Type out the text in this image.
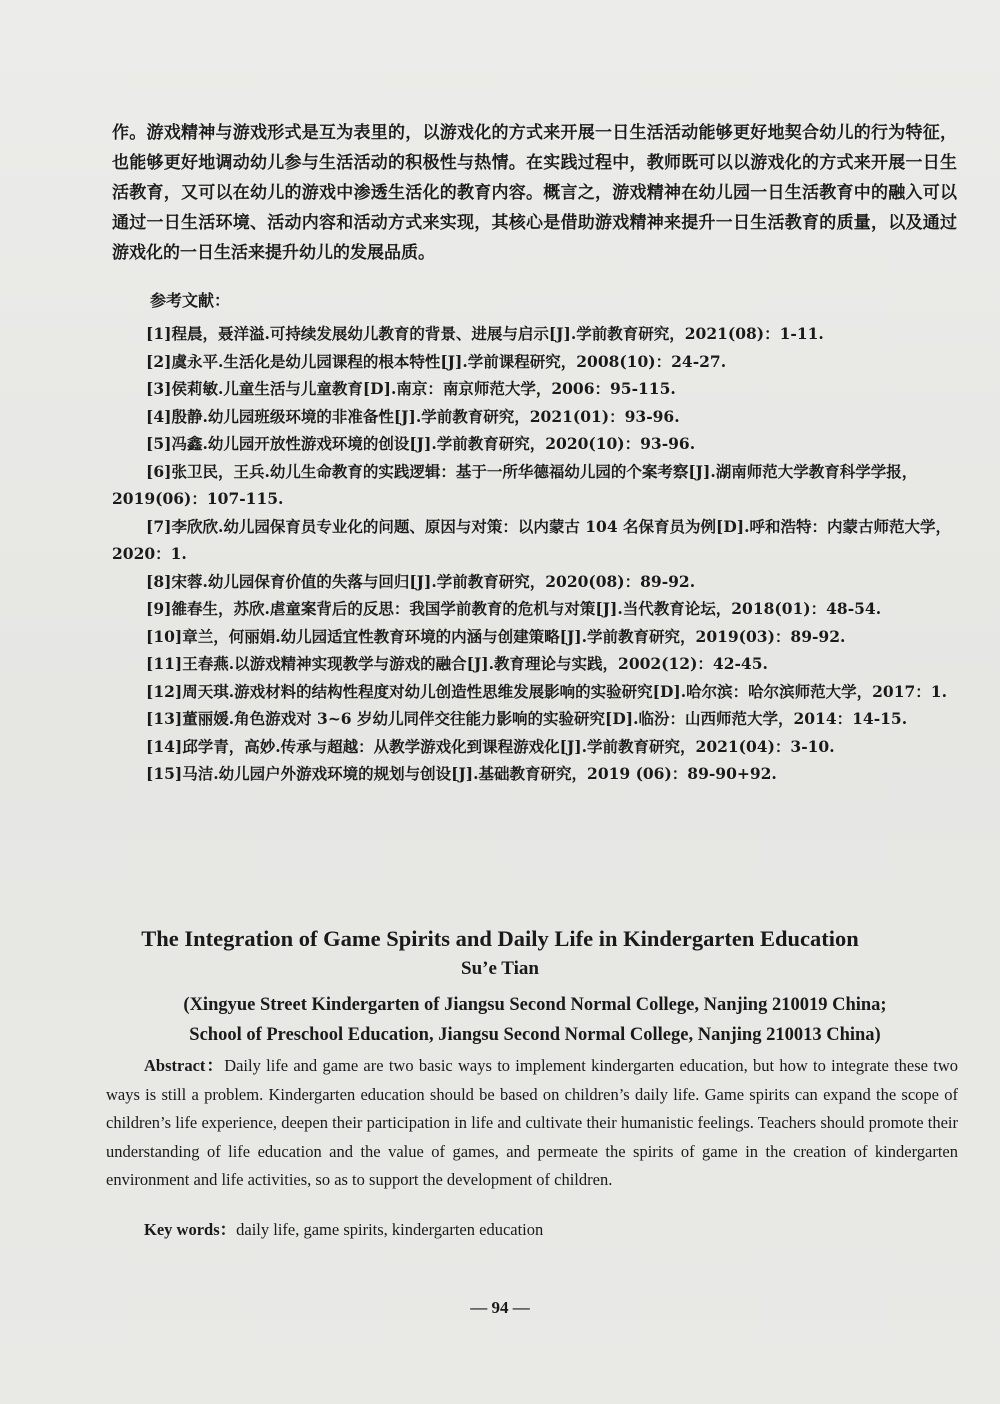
作。游戏精神与游戏形式是互为表里的，以游戏化的方式来开展一日生活活动能够更好地契合幼儿的行为特征，也能够更好地调动幼儿参与生活活动的积极性与热情。在实践过程中，教师既可以以游戏化的方式来开展一日生活教育，又可以在幼儿的游戏中渗透生活化的教育内容。概言之，游戏精神在幼儿园一日生活教育中的融入可以通过一日生活环境、活动内容和活动方式来实现，其核心是借助游戏精神来提升一日生活教育的质量，以及通过游戏化的一日生活来提升幼儿的发展品质。

参考文献：

[1]程晨，聂洋溢.可持续发展幼儿教育的背景、进展与启示[J].学前教育研究，2021(08)：1-11.

[2]虞永平.生活化是幼儿园课程的根本特性[J].学前课程研究，2008(10)：24-27.

[3]侯莉敏.儿童生活与儿童教育[D].南京：南京师范大学，2006：95-115.

[4]殷静.幼儿园班级环境的非准备性[J].学前教育研究，2021(01)：93-96.

[5]冯鑫.幼儿园开放性游戏环境的创设[J].学前教育研究，2020(10)：93-96.

[6]张卫民，王兵.幼儿生命教育的实践逻辑：基于一所华德福幼儿园的个案考察[J].湖南师范大学教育科学学报，2019(06)：107-115.

[7]李欣欣.幼儿园保育员专业化的问题、原因与对策：以内蒙古 104 名保育员为例[D].呼和浩特：内蒙古师范大学，2020：1.

[8]宋蓉.幼儿园保育价值的失落与回归[J].学前教育研究，2020(08)：89-92.

[9]雒春生，苏欣.虐童案背后的反思：我国学前教育的危机与对策[J].当代教育论坛，2018(01)：48-54.

[10]章兰，何丽娟.幼儿园适宜性教育环境的内涵与创建策略[J].学前教育研究，2019(03)：89-92.

[11]王春燕.以游戏精神实现教学与游戏的融合[J].教育理论与实践，2002(12)：42-45.

[12]周天琪.游戏材料的结构性程度对幼儿创造性思维发展影响的实验研究[D].哈尔滨：哈尔滨师范大学，2017：1.

[13]董丽媛.角色游戏对 3~6 岁幼儿同伴交往能力影响的实验研究[D].临汾：山西师范大学，2014：14-15.

[14]邱学青，高妙.传承与超越：从教学游戏化到课程游戏化[J].学前教育研究，2021(04)：3-10.

[15]马洁.幼儿园户外游戏环境的规划与创设[J].基础教育研究，2019 (06)：89-90+92.

The Integration of Game Spirits and Daily Life in Kindergarten Education
Su’e Tian
(Xingyue Street Kindergarten of Jiangsu Second Normal College, Nanjing 210019 China;
School of Preschool Education, Jiangsu Second Normal College, Nanjing 210013 China)
Abstract：Daily life and game are two basic ways to implement kindergarten education, but how to integrate these two ways is still a problem. Kindergarten education should be based on children’s daily life. Game spirits can expand the scope of children’s life experience, deepen their participation in life and cultivate their humanistic feelings. Teachers should promote their understanding of life education and the value of games, and permeate the spirits of game in the creation of kindergarten environment and life activities, so as to support the development of children.
Key words：daily life, game spirits, kindergarten education
— 94 —
